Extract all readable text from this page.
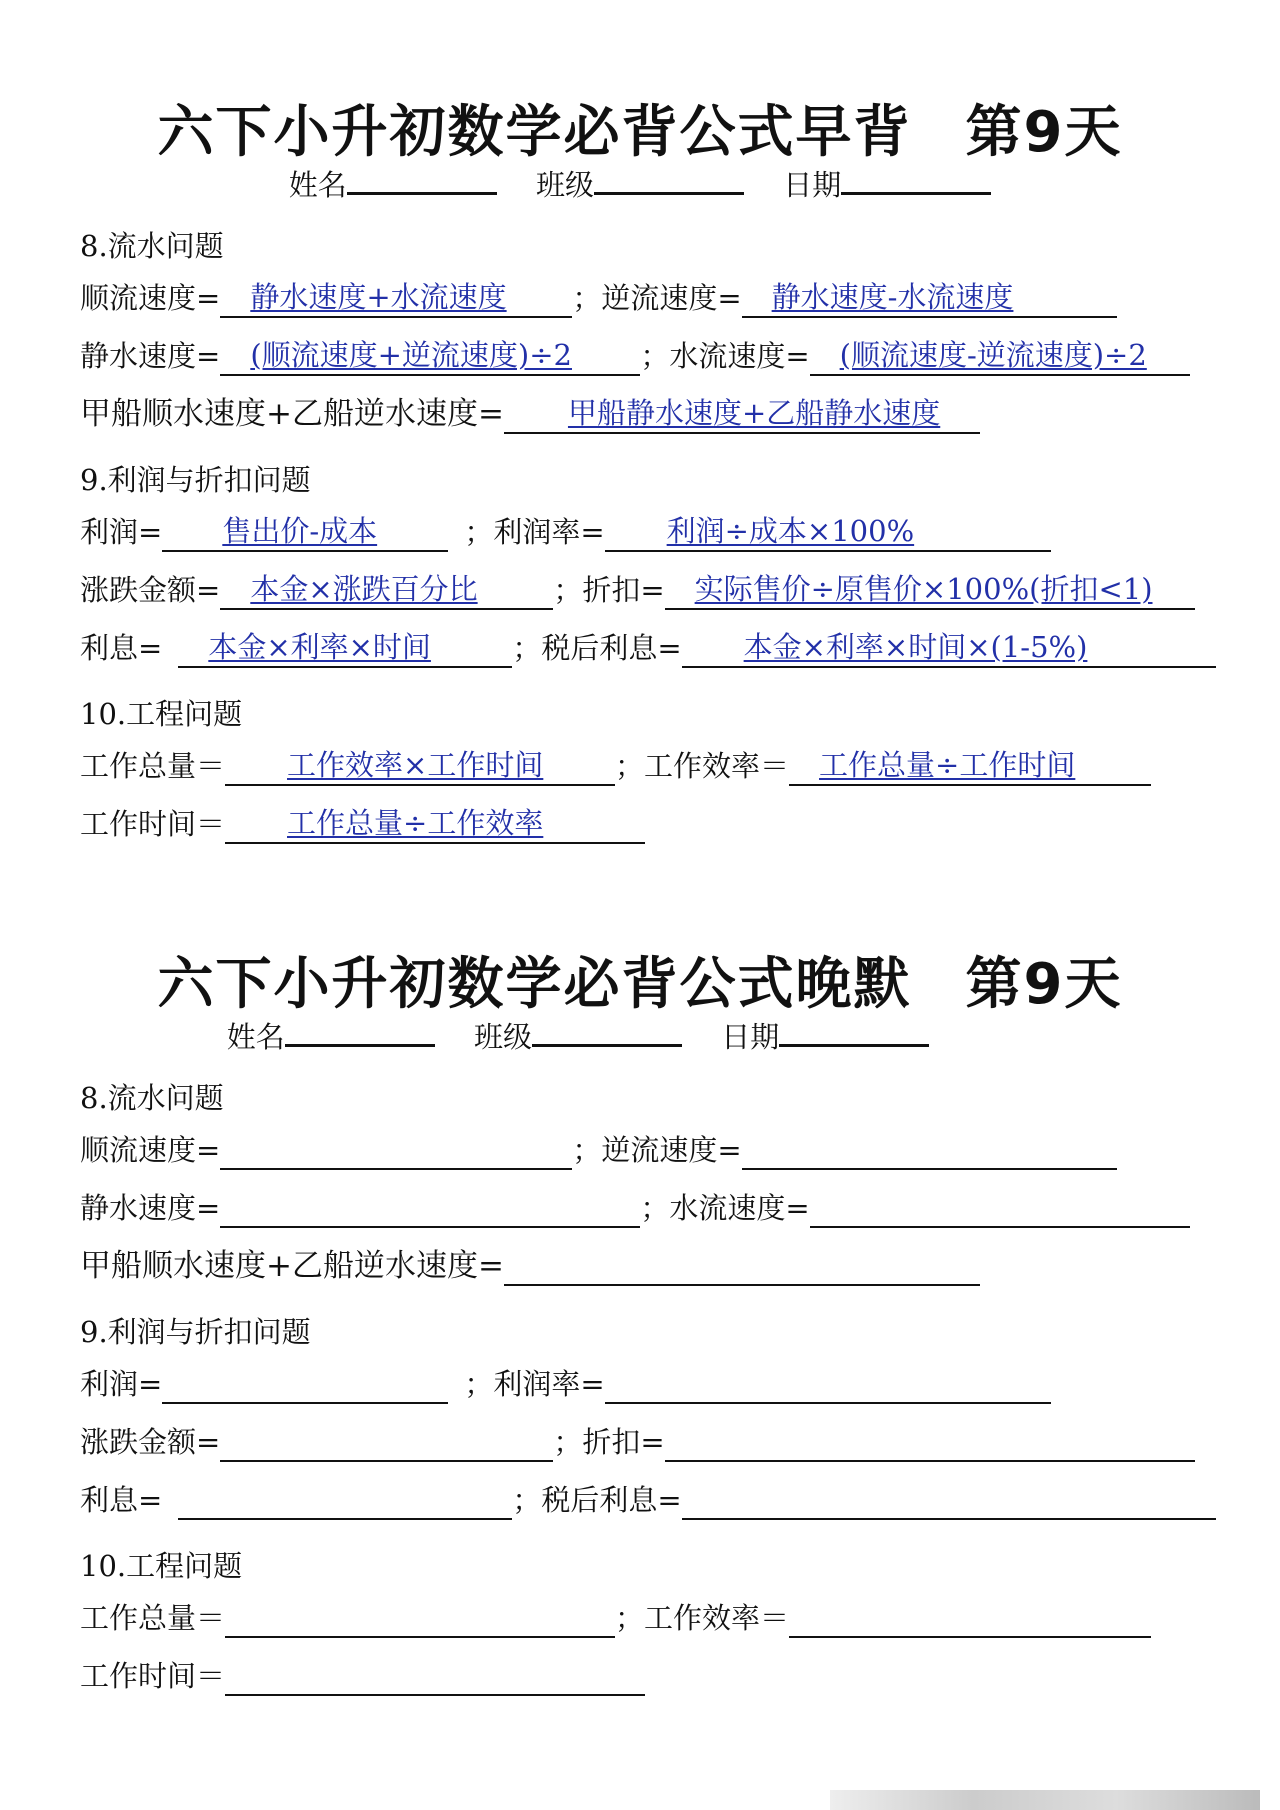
六下小升初数学必背公式早背 第9天
姓名	班级	日期
8.流水问题
顺流速度= 静水速度+水流速度 ；逆流速度= 静水速度-水流速度
静水速度= (顺流速度+逆流速度)÷2 ；水流速度= (顺流速度-逆流速度)÷2
甲船顺水速度+乙船逆水速度= 甲船静水速度+乙船静水速度
9.利润与折扣问题
利润= 售出价-成本	；利润率= 利润÷成本×100%
涨跌金额= 本金×涨跌百分比	；折扣= 实际售价÷原售价×100%(折扣<1)
利息= 本金×利率×时间	；税后利息= 本金×利率×时间×(1-5%)
10.工程问题
工作总量＝ 工作效率×工作时间 ；工作效率＝ 工作总量÷工作时间
工作时间＝ 工作总量÷工作效率
六下小升初数学必背公式晚默 第9天
姓名	班级	日期
8.流水问题
顺流速度=	；逆流速度=
静水速度=	；水流速度=
甲船顺水速度+乙船逆水速度=
9.利润与折扣问题
利润=	；利润率=
涨跌金额=	；折扣=
利息=	；税后利息=
10.工程问题
工作总量＝	；工作效率＝
工作时间＝
